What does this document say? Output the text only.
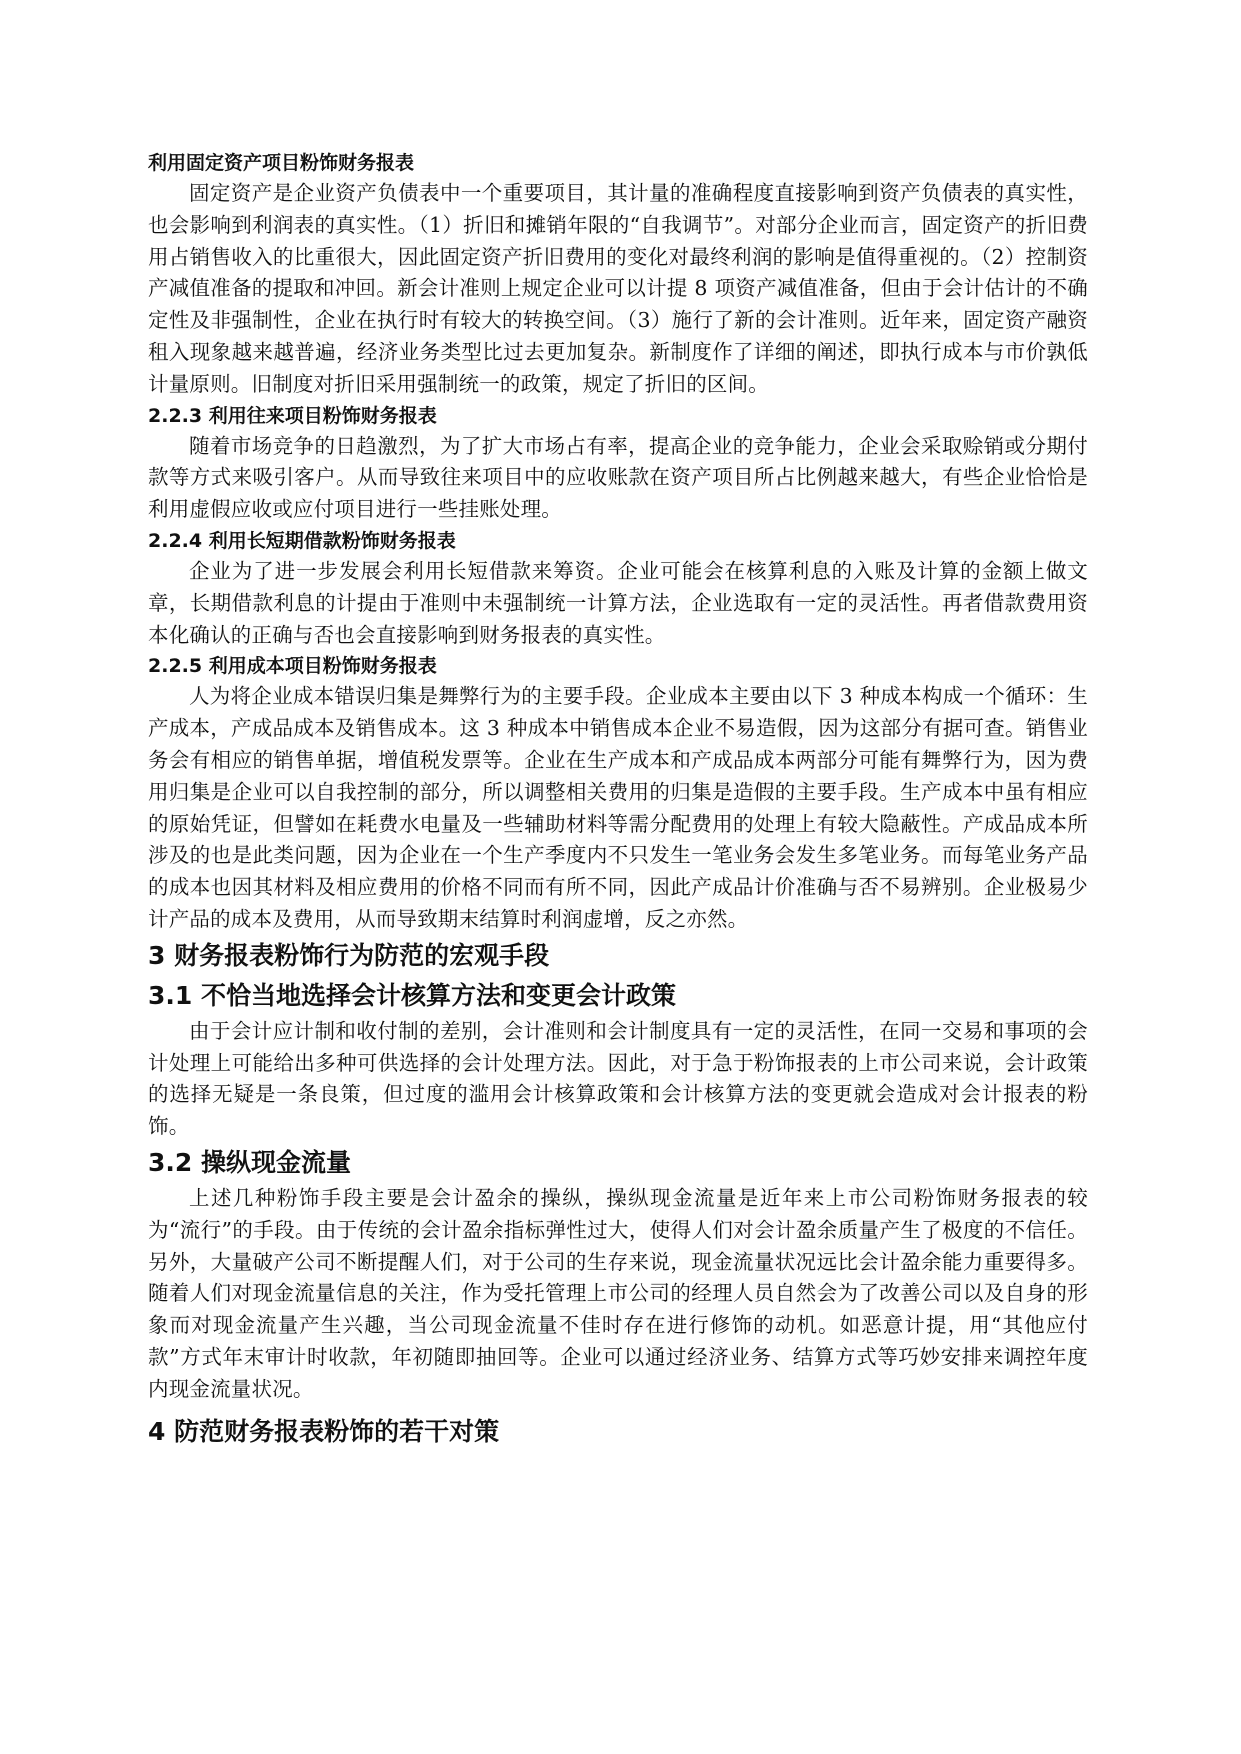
利用固定资产项目粉饰财务报表

固定资产是企业资产负债表中一个重要项目，其计量的准确程度直接影响到资产负债表的真实性，也会影响到利润表的真实性。（1）折旧和摊销年限的“自我调节”。对部分企业而言，固定资产的折旧费用占销售收入的比重很大，因此固定资产折旧费用的变化对最终利润的影响是值得重视的。（2）控制资产减值准备的提取和冲回。新会计准则上规定企业可以计提 8 项资产减值准备，但由于会计估计的不确定性及非强制性，企业在执行时有较大的转换空间。（3）施行了新的会计准则。近年来，固定资产融资租入现象越来越普遍，经济业务类型比过去更加复杂。新制度作了详细的阐述，即执行成本与市价孰低计量原则。旧制度对折旧采用强制统一的政策，规定了折旧的区间。

2.2.3 利用往来项目粉饰财务报表

随着市场竞争的日趋激烈，为了扩大市场占有率，提高企业的竞争能力，企业会采取赊销或分期付款等方式来吸引客户。从而导致往来项目中的应收账款在资产项目所占比例越来越大，有些企业恰恰是利用虚假应收或应付项目进行一些挂账处理。

2.2.4 利用长短期借款粉饰财务报表

企业为了进一步发展会利用长短借款来筹资。企业可能会在核算利息的入账及计算的金额上做文章，长期借款利息的计提由于准则中未强制统一计算方法，企业选取有一定的灵活性。再者借款费用资本化确认的正确与否也会直接影响到财务报表的真实性。

2.2.5 利用成本项目粉饰财务报表

人为将企业成本错误归集是舞弊行为的主要手段。企业成本主要由以下 3 种成本构成一个循环：生产成本，产成品成本及销售成本。这 3 种成本中销售成本企业不易造假，因为这部分有据可查。销售业务会有相应的销售单据，增值税发票等。企业在生产成本和产成品成本两部分可能有舞弊行为，因为费用归集是企业可以自我控制的部分，所以调整相关费用的归集是造假的主要手段。生产成本中虽有相应的原始凭证，但譬如在耗费水电量及一些辅助材料等需分配费用的处理上有较大隐蔽性。产成品成本所涉及的也是此类问题，因为企业在一个生产季度内不只发生一笔业务会发生多笔业务。而每笔业务产品的成本也因其材料及相应费用的价格不同而有所不同，因此产成品计价准确与否不易辨别。企业极易少计产品的成本及费用，从而导致期末结算时利润虚增，反之亦然。

3 财务报表粉饰行为防范的宏观手段
3.1 不恰当地选择会计核算方法和变更会计政策

由于会计应计制和收付制的差别，会计准则和会计制度具有一定的灵活性，在同一交易和事项的会计处理上可能给出多种可供选择的会计处理方法。因此，对于急于粉饰报表的上市公司来说，会计政策的选择无疑是一条良策，但过度的滥用会计核算政策和会计核算方法的变更就会造成对会计报表的粉饰。

3.2 操纵现金流量

上述几种粉饰手段主要是会计盈余的操纵，操纵现金流量是近年来上市公司粉饰财务报表的较为“流行”的手段。由于传统的会计盈余指标弹性过大，使得人们对会计盈余质量产生了极度的不信任。另外，大量破产公司不断提醒人们，对于公司的生存来说，现金流量状况远比会计盈余能力重要得多。随着人们对现金流量信息的关注，作为受托管理上市公司的经理人员自然会为了改善公司以及自身的形象而对现金流量产生兴趣，当公司现金流量不佳时存在进行修饰的动机。如恶意计提，用“其他应付款”方式年末审计时收款，年初随即抽回等。企业可以通过经济业务、结算方式等巧妙安排来调控年度内现金流量状况。

4 防范财务报表粉饰的若干对策
